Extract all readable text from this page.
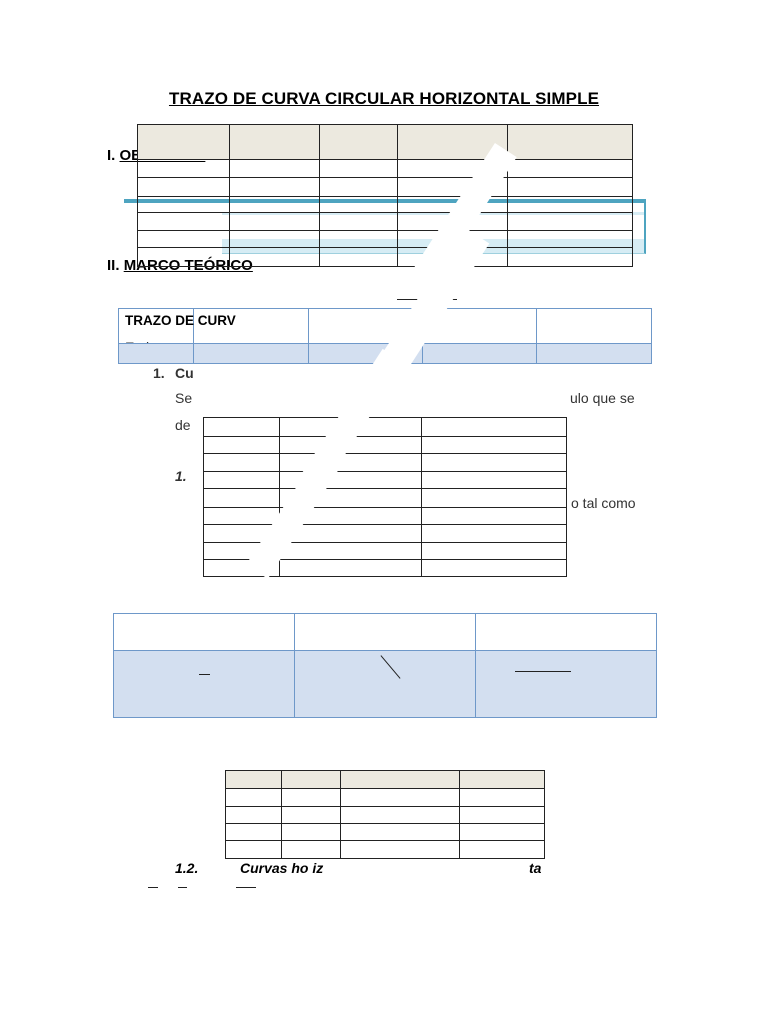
TRAZO DE CURVA CIRCULAR HORIZONTAL SIMPLE
I. OBJETIVOS
II. MARCO TEÓRICO
En l
1. Cu
Se	ulo que se
de
1.
o tal como

TRAZO DE CURV				

1.2.	Curvas ho iz	ta
